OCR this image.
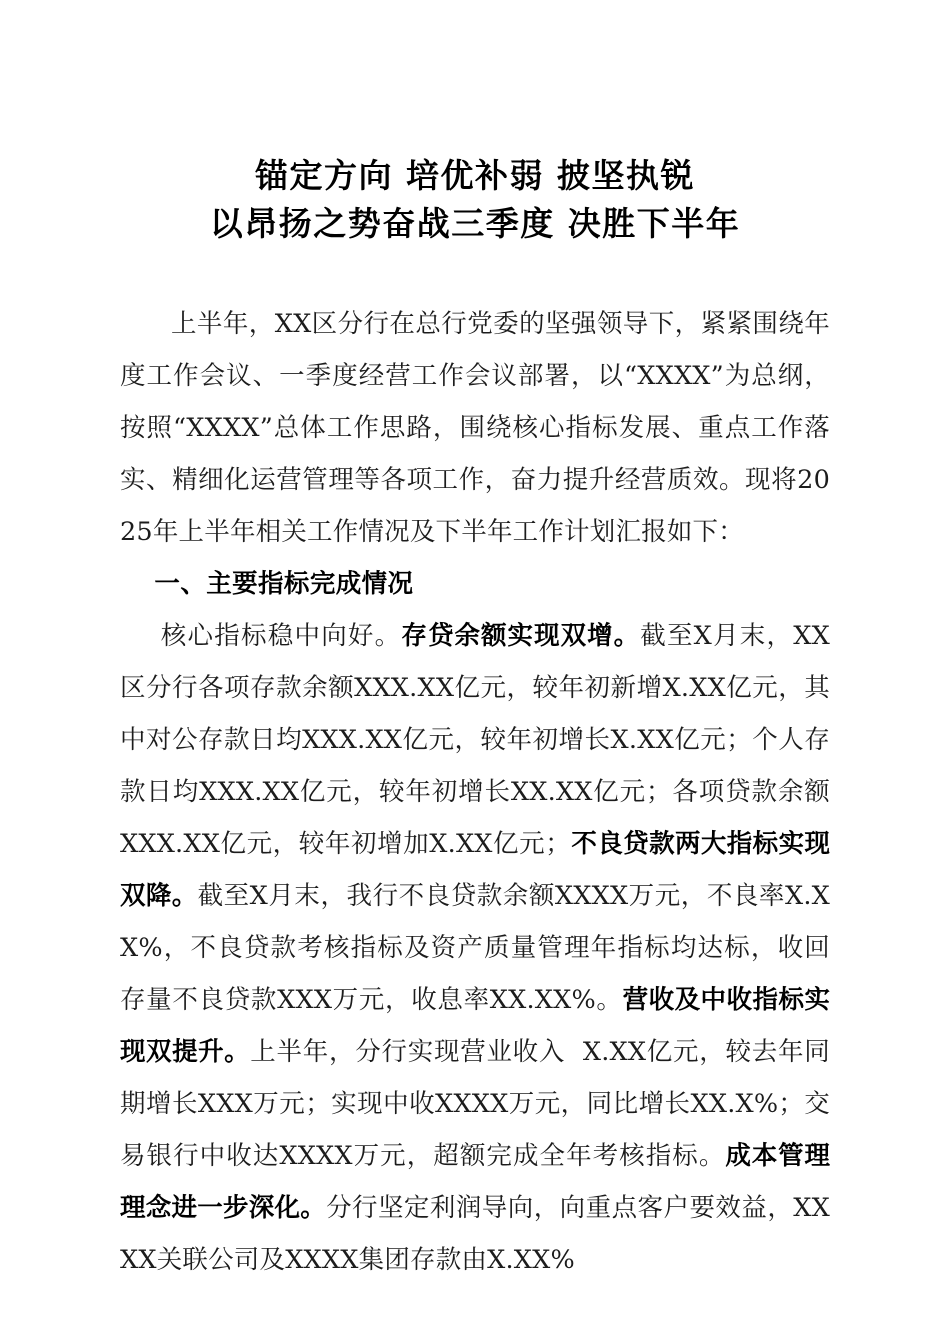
锚定方向 培优补弱 披坚执锐
以昂扬之势奋战三季度 决胜下半年

上半年，XX区分行在总行党委的坚强领导下，紧紧围绕年度工作会议、一季度经营工作会议部署，以“XXXX”为总纲，按照“XXXX”总体工作思路，围绕核心指标发展、重点工作落实、精细化运营管理等各项工作，奋力提升经营质效。现将2025年上半年相关工作情况及下半年工作计划汇报如下：

一、主要指标完成情况

核心指标稳中向好。存贷余额实现双增。截至X月末，XX区分行各项存款余额XXX.XX亿元，较年初新增X.XX亿元，其中对公存款日均XXX.XX亿元，较年初增长X.XX亿元；个人存款日均XXX.XX亿元，较年初增长XX.XX亿元；各项贷款余额XXX.XX亿元，较年初增加X.XX亿元；不良贷款两大指标实现双降。截至X月末，我行不良贷款余额XXXX万元，不良率X.XX%，不良贷款考核指标及资产质量管理年指标均达标，收回存量不良贷款XXX万元，收息率XX.XX%。营收及中收指标实现双提升。上半年，分行实现营业收入 X.XX亿元，较去年同期增长XXX万元；实现中收XXXX万元，同比增长XX.X%；交易银行中收达XXXX万元，超额完成全年考核指标。成本管理理念进一步深化。分行坚定利润导向，向重点客户要效益，XXXX关联公司及XXXX集团存款由X.XX%
